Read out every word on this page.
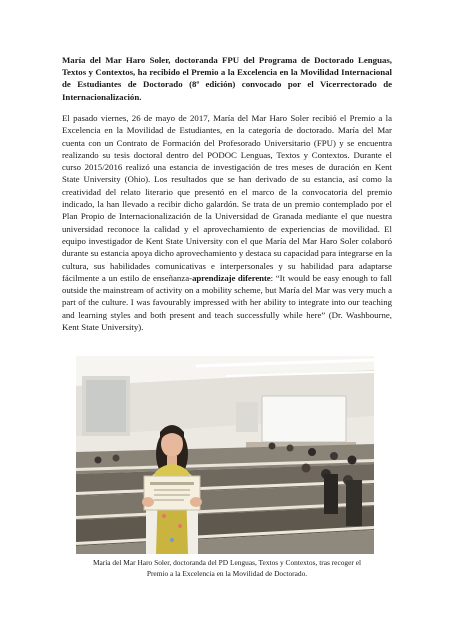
María del Mar Haro Soler, doctoranda FPU del Programa de Doctorado Lenguas, Textos y Contextos, ha recibido el Premio a la Excelencia en la Movilidad Internacional de Estudiantes de Doctorado (8ª edición) convocado por el Vicerrectorado de Internacionalización.

El pasado viernes, 26 de mayo de 2017, María del Mar Haro Soler recibió el Premio a la Excelencia en la Movilidad de Estudiantes, en la categoría de doctorado. María del Mar cuenta con un Contrato de Formación del Profesorado Universitario (FPU) y se encuentra realizando su tesis doctoral dentro del PODOC Lenguas, Textos y Contextos. Durante el curso 2015/2016 realizó una estancia de investigación de tres meses de duración en Kent State University (Ohio). Los resultados que se han derivado de su estancia, así como la creatividad del relato literario que presentó en el marco de la convocatoria del premio indicado, la han llevado a recibir dicho galardón. Se trata de un premio contemplado por el Plan Propio de Internacionalización de la Universidad de Granada mediante el que nuestra universidad reconoce la calidad y el aprovechamiento de experiencias de movilidad. El equipo investigador de Kent State University con el que María del Mar Haro Soler colaboró durante su estancia apoya dicho aprovechamiento y destaca su capacidad para integrarse en la cultura, sus habilidades comunicativas e interpersonales y su habilidad para adaptarse fácilmente a un estilo de enseñanza-aprendizaje diferente: “It would be easy enough to fall outside the mainstream of activity on a mobility scheme, but María del Mar was very much a part of the culture. I was favourably impressed with her ability to integrate into our teaching and learning styles and both present and teach successfully while here” (Dr. Washbourne, Kent State University).

María del Mar Haro Soler, doctoranda del PD Lenguas, Textos y Contextos, tras recoger el
Premio a la Excelencia en la Movilidad de Doctorado.
